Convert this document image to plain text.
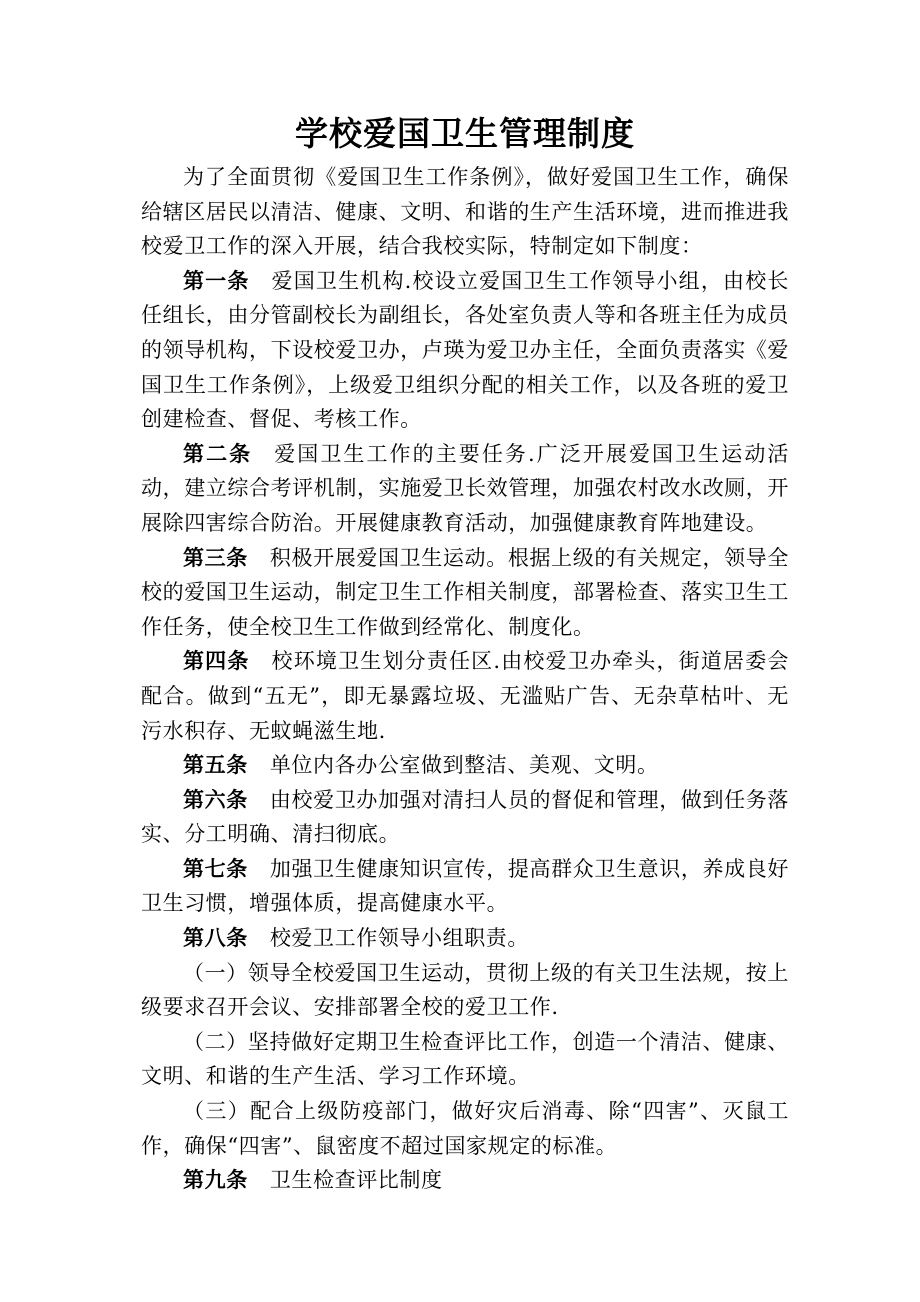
学校爱国卫生管理制度

为了全面贯彻《爱国卫生工作条例》，做好爱国卫生工作，确保给辖区居民以清洁、健康、文明、和谐的生产生活环境，进而推进我校爱卫工作的深入开展，结合我校实际，特制定如下制度：

第一条 爱国卫生机构.校设立爱国卫生工作领导小组，由校长任组长，由分管副校长为副组长，各处室负责人等和各班主任为成员的领导机构，下设校爱卫办，卢瑛为爱卫办主任，全面负责落实《爱国卫生工作条例》，上级爱卫组织分配的相关工作，以及各班的爱卫创建检查、督促、考核工作。

第二条 爱国卫生工作的主要任务.广泛开展爱国卫生运动活动，建立综合考评机制，实施爱卫长效管理，加强农村改水改厕，开展除四害综合防治。开展健康教育活动，加强健康教育阵地建设。

第三条 积极开展爱国卫生运动。根据上级的有关规定，领导全校的爱国卫生运动，制定卫生工作相关制度，部署检查、落实卫生工作任务，使全校卫生工作做到经常化、制度化。

第四条 校环境卫生划分责任区.由校爱卫办牵头，街道居委会配合。做到“五无”，即无暴露垃圾、无滥贴广告、无杂草枯叶、无污水积存、无蚊蝇滋生地.

第五条 单位内各办公室做到整洁、美观、文明。

第六条 由校爱卫办加强对清扫人员的督促和管理，做到任务落实、分工明确、清扫彻底。

第七条 加强卫生健康知识宣传，提高群众卫生意识，养成良好卫生习惯，增强体质，提高健康水平。

第八条 校爱卫工作领导小组职责。

（一）领导全校爱国卫生运动，贯彻上级的有关卫生法规，按上级要求召开会议、安排部署全校的爱卫工作.

（二）坚持做好定期卫生检查评比工作，创造一个清洁、健康、文明、和谐的生产生活、学习工作环境。

（三）配合上级防疫部门，做好灾后消毒、除“四害”、灭鼠工作，确保“四害”、鼠密度不超过国家规定的标准。

第九条 卫生检查评比制度
